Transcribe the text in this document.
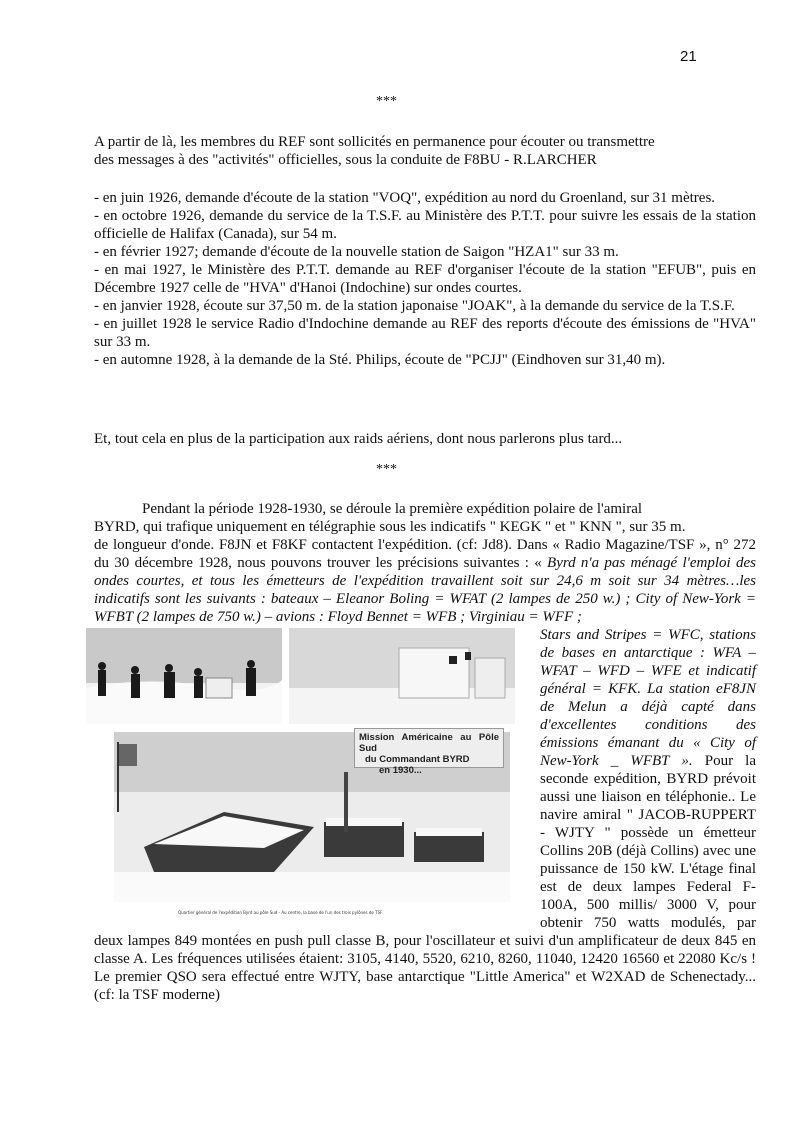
21
***
A partir de là, les membres du REF sont sollicités en permanence pour écouter ou transmettre
des messages à des "activités" officielles, sous la conduite de F8BU - R.LARCHER
- en juin 1926, demande d'écoute de la station "VOQ", expédition au nord du Groenland, sur 31 mètres.
- en octobre 1926, demande du service de la T.S.F. au Ministère des P.T.T. pour suivre les essais de la station officielle de Halifax (Canada), sur 54 m.
- en février 1927; demande d'écoute de la nouvelle station de Saigon "HZA1" sur 33 m.
- en mai 1927, le Ministère des P.T.T. demande au REF d'organiser l'écoute de la station "EFUB", puis en Décembre 1927 celle de "HVA" d'Hanoi (Indochine) sur ondes courtes.
- en janvier 1928, écoute sur 37,50 m. de la station japonaise "JOAK", à la demande du service de la T.S.F.
- en juillet 1928 le service Radio d'Indochine demande au REF des reports d'écoute des émissions de "HVA" sur 33 m.
- en automne 1928, à la demande de la Sté. Philips, écoute de "PCJJ" (Eindhoven sur 31,40 m).
Et, tout cela en plus de la participation aux raids aériens, dont nous parlerons plus tard...
***
Pendant la période 1928-1930, se déroule la première expédition polaire de l'amiral
BYRD, qui trafique uniquement en télégraphie sous les indicatifs " KEGK " et " KNN ", sur 35 m.
de longueur d'onde. F8JN et F8KF contactent l'expédition. (cf: Jd8). Dans « Radio Magazine/TSF », n° 272 du 30 décembre 1928, nous pouvons trouver les précisions suivantes : « Byrd n'a pas ménagé l'emploi des ondes courtes, et tous les émetteurs de l'expédition travaillent soit sur 24,6 m soit sur 34 mètres…les indicatifs sont les suivants : bateaux – Eleanor Boling = WFAT (2 lampes de 250 w.) ; City of New-York = WFBT (2 lampes de 750 w.) – avions : Floyd Bennet = WFB ; Virginiau = WFF ;
Mission Américaine au Pôle Sud
du Commandant BYRD
en 1930...
Quartier général de l'expédition Byrd au pôle Sud - Au centre, la base de l'un des trois pylônes de TSF.
Stars and Stripes = WFC, stations de bases en antarctique : WFA – WFAT – WFD – WFE et indicatif général = KFK. La station eF8JN de Melun a déjà capté dans d'excellentes conditions des émissions émanant du « City of New-York _ WFBT ». Pour la seconde expédition, BYRD prévoit aussi une liaison en téléphonie.. Le navire amiral " JACOB-RUPPERT - WJTY " possède un émetteur Collins 20B (déjà Collins) avec une puissance de 150 kW. L'étage final est de deux lampes Federal F-100A, 500 millis/ 3000 V, pour obtenir 750 watts modulés, par deux lampes 849 montées en push pull classe B, pour l'oscillateur et suivi d'un amplificateur de deux 845 en classe A. Les fréquences utilisées étaient: 3105, 4140, 5520, 6210, 8260, 11040, 12420 16560 et 22080 Kc/s ! Le premier QSO sera effectué entre WJTY, base antarctique "Little America" et W2XAD de Schenectady... (cf: la TSF moderne)
